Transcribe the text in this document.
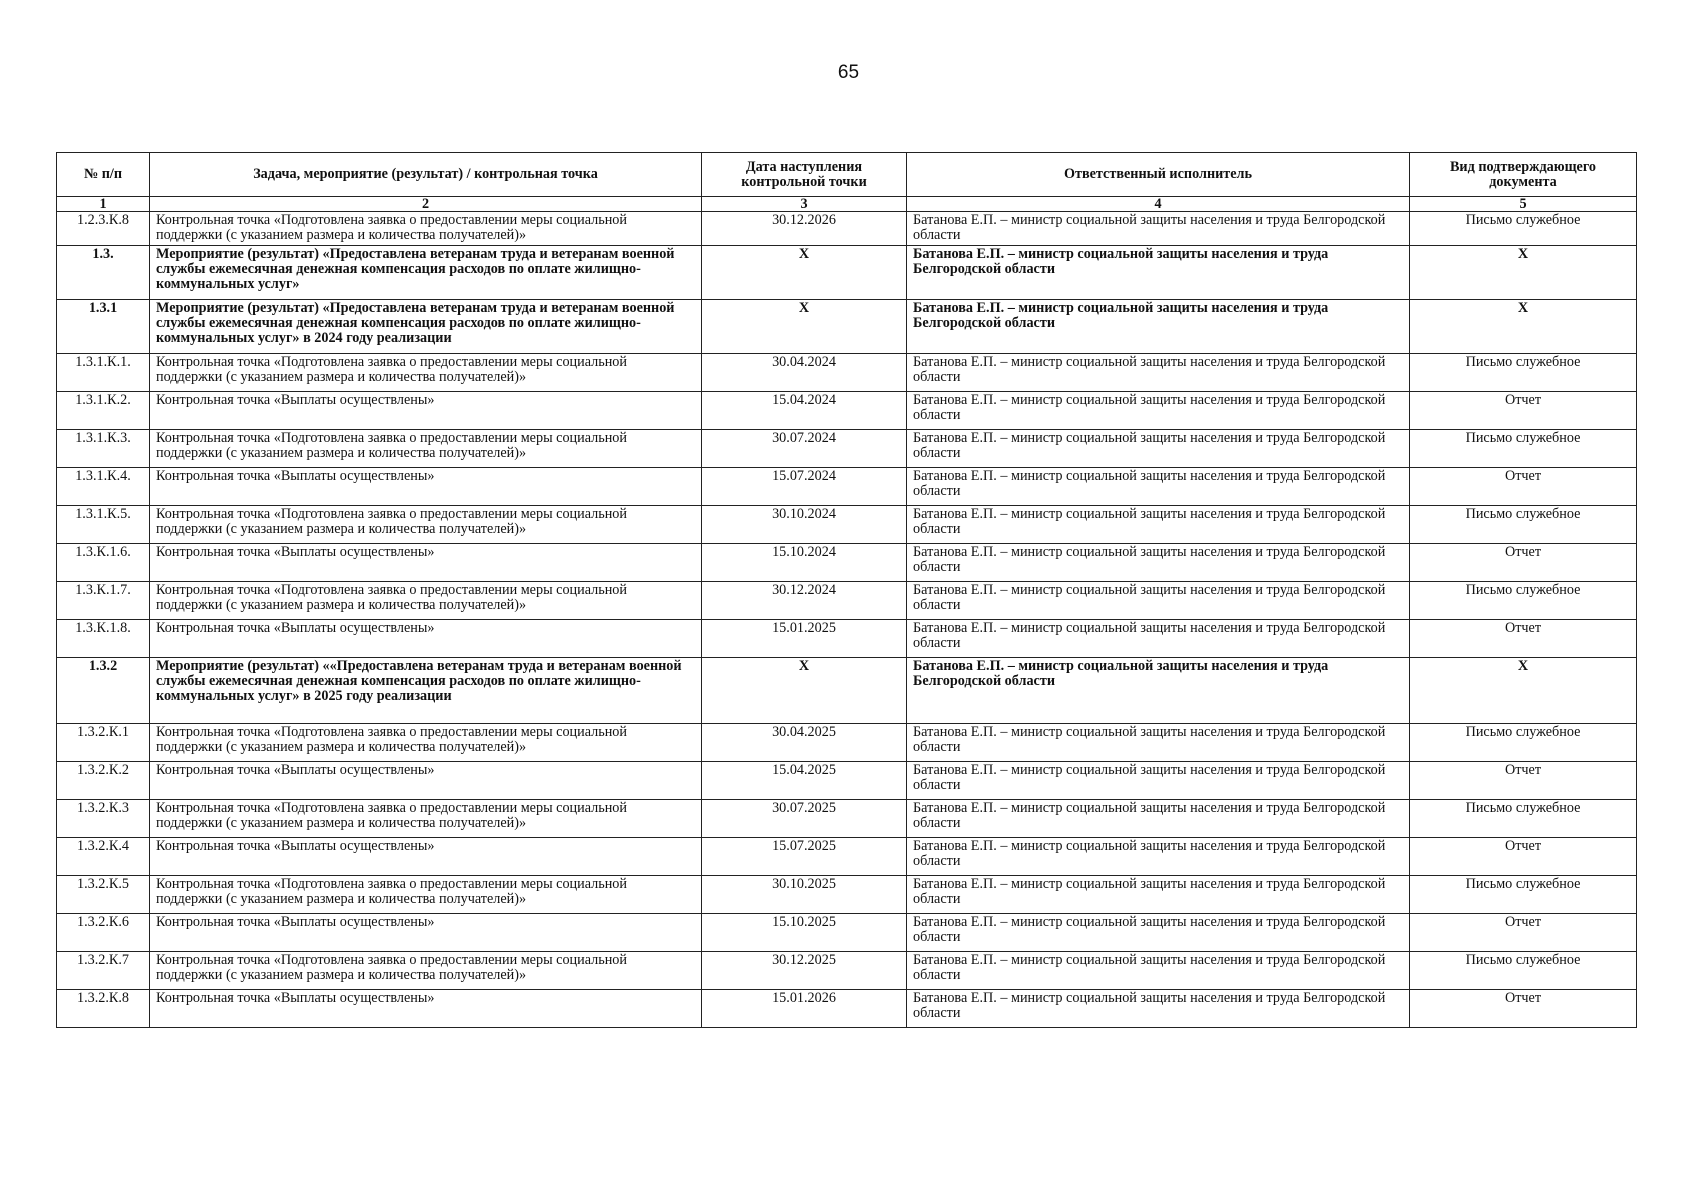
65
№ п/п	Задача, мероприятие (результат) / контрольная точка	Дата наступления контрольной точки	Ответственный исполнитель	Вид подтверждающего документа
1	2	3	4	5
1.2.3.К.8	Контрольная точка «Подготовлена заявка о предоставлении меры социальной поддержки (с указанием размера и количества получателей)»	30.12.2026	Батанова Е.П. – министр социальной защиты населения и труда Белгородской области	Письмо служебное
1.3.	Мероприятие (результат) «Предоставлена ветеранам труда и ветеранам военной службы ежемесячная денежная компенсация расходов по оплате жилищно-коммунальных услуг»	Х	Батанова Е.П. – министр социальной защиты населения и труда Белгородской области	Х
1.3.1	Мероприятие (результат) «Предоставлена ветеранам труда и ветеранам военной службы ежемесячная денежная компенсация расходов по оплате жилищно-коммунальных услуг» в 2024 году реализации	Х	Батанова Е.П. – министр социальной защиты населения и труда Белгородской области	Х
1.3.1.К.1.	Контрольная точка «Подготовлена заявка о предоставлении меры социальной поддержки (с указанием размера и количества получателей)»	30.04.2024	Батанова Е.П. – министр социальной защиты населения и труда Белгородской области	Письмо служебное
1.3.1.К.2.	Контрольная точка «Выплаты осуществлены»	15.04.2024	Батанова Е.П. – министр социальной защиты населения и труда Белгородской области	Отчет
1.3.1.К.3.	Контрольная точка «Подготовлена заявка о предоставлении меры социальной поддержки (с указанием размера и количества получателей)»	30.07.2024	Батанова Е.П. – министр социальной защиты населения и труда Белгородской области	Письмо служебное
1.3.1.К.4.	Контрольная точка «Выплаты осуществлены»	15.07.2024	Батанова Е.П. – министр социальной защиты населения и труда Белгородской области	Отчет
1.3.1.К.5.	Контрольная точка «Подготовлена заявка о предоставлении меры социальной поддержки (с указанием размера и количества получателей)»	30.10.2024	Батанова Е.П. – министр социальной защиты населения и труда Белгородской области	Письмо служебное
1.3.К.1.6.	Контрольная точка «Выплаты осуществлены»	15.10.2024	Батанова Е.П. – министр социальной защиты населения и труда Белгородской области	Отчет
1.3.К.1.7.	Контрольная точка «Подготовлена заявка о предоставлении меры социальной поддержки (с указанием размера и количества получателей)»	30.12.2024	Батанова Е.П. – министр социальной защиты населения и труда Белгородской области	Письмо служебное
1.3.К.1.8.	Контрольная точка «Выплаты осуществлены»	15.01.2025	Батанова Е.П. – министр социальной защиты населения и труда Белгородской области	Отчет
1.3.2	Мероприятие (результат) ««Предоставлена ветеранам труда и ветеранам военной службы ежемесячная денежная компенсация расходов по оплате жилищно-коммунальных услуг» в 2025 году реализации	Х	Батанова Е.П. – министр социальной защиты населения и труда Белгородской области	Х
1.3.2.К.1	Контрольная точка «Подготовлена заявка о предоставлении меры социальной поддержки (с указанием размера и количества получателей)»	30.04.2025	Батанова Е.П. – министр социальной защиты населения и труда Белгородской области	Письмо служебное
1.3.2.К.2	Контрольная точка «Выплаты осуществлены»	15.04.2025	Батанова Е.П. – министр социальной защиты населения и труда Белгородской области	Отчет
1.3.2.К.3	Контрольная точка «Подготовлена заявка о предоставлении меры социальной поддержки (с указанием размера и количества получателей)»	30.07.2025	Батанова Е.П. – министр социальной защиты населения и труда Белгородской области	Письмо служебное
1.3.2.К.4	Контрольная точка «Выплаты осуществлены»	15.07.2025	Батанова Е.П. – министр социальной защиты населения и труда Белгородской области	Отчет
1.3.2.К.5	Контрольная точка «Подготовлена заявка о предоставлении меры социальной поддержки (с указанием размера и количества получателей)»	30.10.2025	Батанова Е.П. – министр социальной защиты населения и труда Белгородской области	Письмо служебное
1.3.2.К.6	Контрольная точка «Выплаты осуществлены»	15.10.2025	Батанова Е.П. – министр социальной защиты населения и труда Белгородской области	Отчет
1.3.2.К.7	Контрольная точка «Подготовлена заявка о предоставлении меры социальной поддержки (с указанием размера и количества получателей)»	30.12.2025	Батанова Е.П. – министр социальной защиты населения и труда Белгородской области	Письмо служебное
1.3.2.К.8	Контрольная точка «Выплаты осуществлены»	15.01.2026	Батанова Е.П. – министр социальной защиты населения и труда Белгородской области	Отчет
